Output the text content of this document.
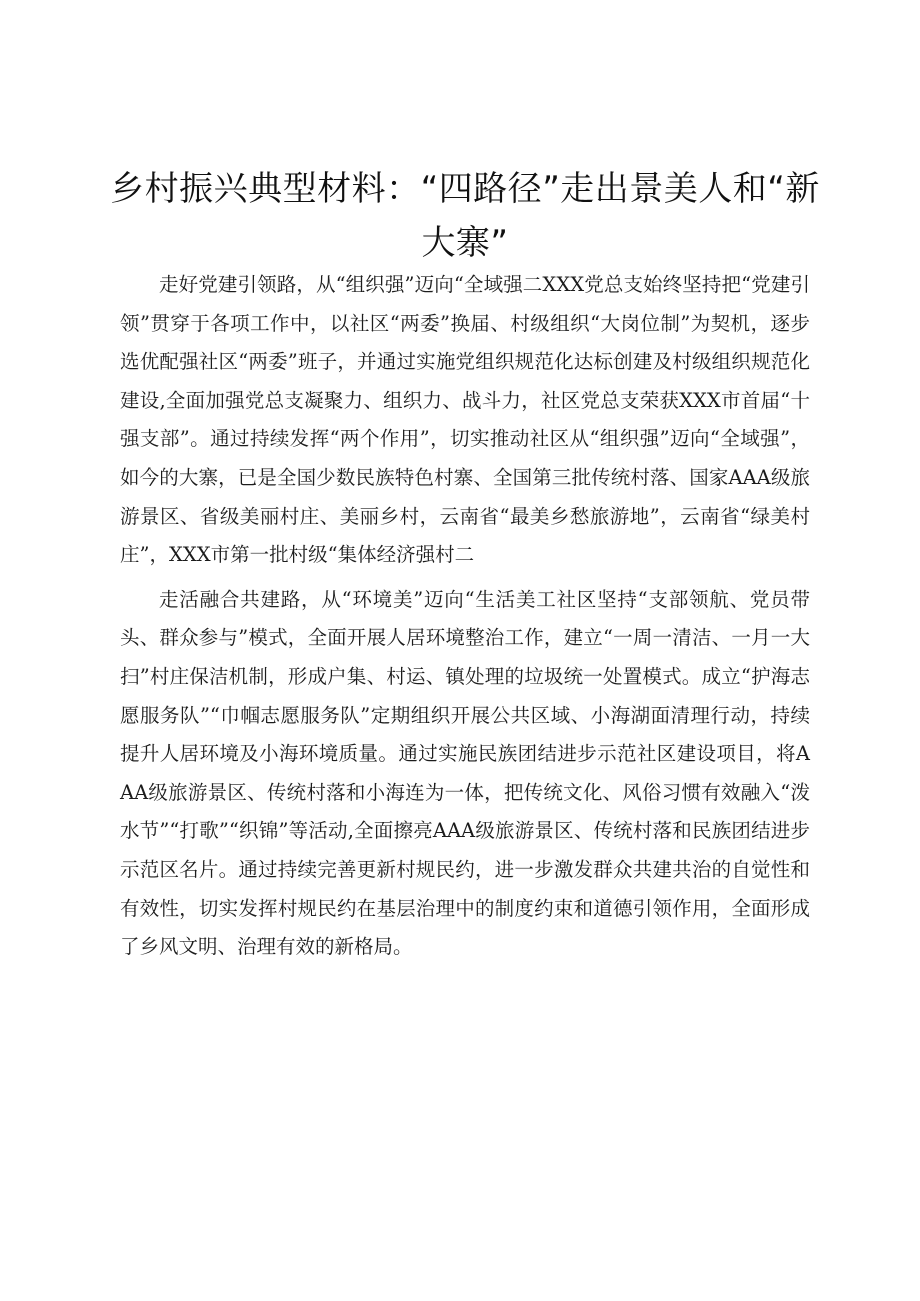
乡村振兴典型材料：“四路径”走出景美人和“新大寨”

走好党建引领路，从“组织强”迈向“全域强二XXX党总支始终坚持把“党建引领”贯穿于各项工作中，以社区“两委”换届、村级组织“大岗位制”为契机，逐步选优配强社区“两委”班子，并通过实施党组织规范化达标创建及村级组织规范化建设,全面加强党总支凝聚力、组织力、战斗力，社区党总支荣获XXX市首届“十强支部”。通过持续发挥“两个作用”，切实推动社区从“组织强”迈向“全域强”，如今的大寨，已是全国少数民族特色村寨、全国第三批传统村落、国家AAA级旅游景区、省级美丽村庄、美丽乡村，云南省“最美乡愁旅游地”，云南省“绿美村庄”，XXX市第一批村级“集体经济强村二

走活融合共建路，从“环境美”迈向“生活美工社区坚持“支部领航、党员带头、群众参与”模式，全面开展人居环境整治工作，建立“一周一清洁、一月一大扫”村庄保洁机制，形成户集、村运、镇处理的垃圾统一处置模式。成立“护海志愿服务队”“巾帼志愿服务队”定期组织开展公共区域、小海湖面清理行动，持续提升人居环境及小海环境质量。通过实施民族团结进步示范社区建设项目，将AAA级旅游景区、传统村落和小海连为一体，把传统文化、风俗习惯有效融入“泼水节”“打歌”“织锦”等活动,全面擦亮AAA级旅游景区、传统村落和民族团结进步示范区名片。通过持续完善更新村规民约，进一步激发群众共建共治的自觉性和有效性，切实发挥村规民约在基层治理中的制度约束和道德引领作用，全面形成了乡风文明、治理有效的新格局。
